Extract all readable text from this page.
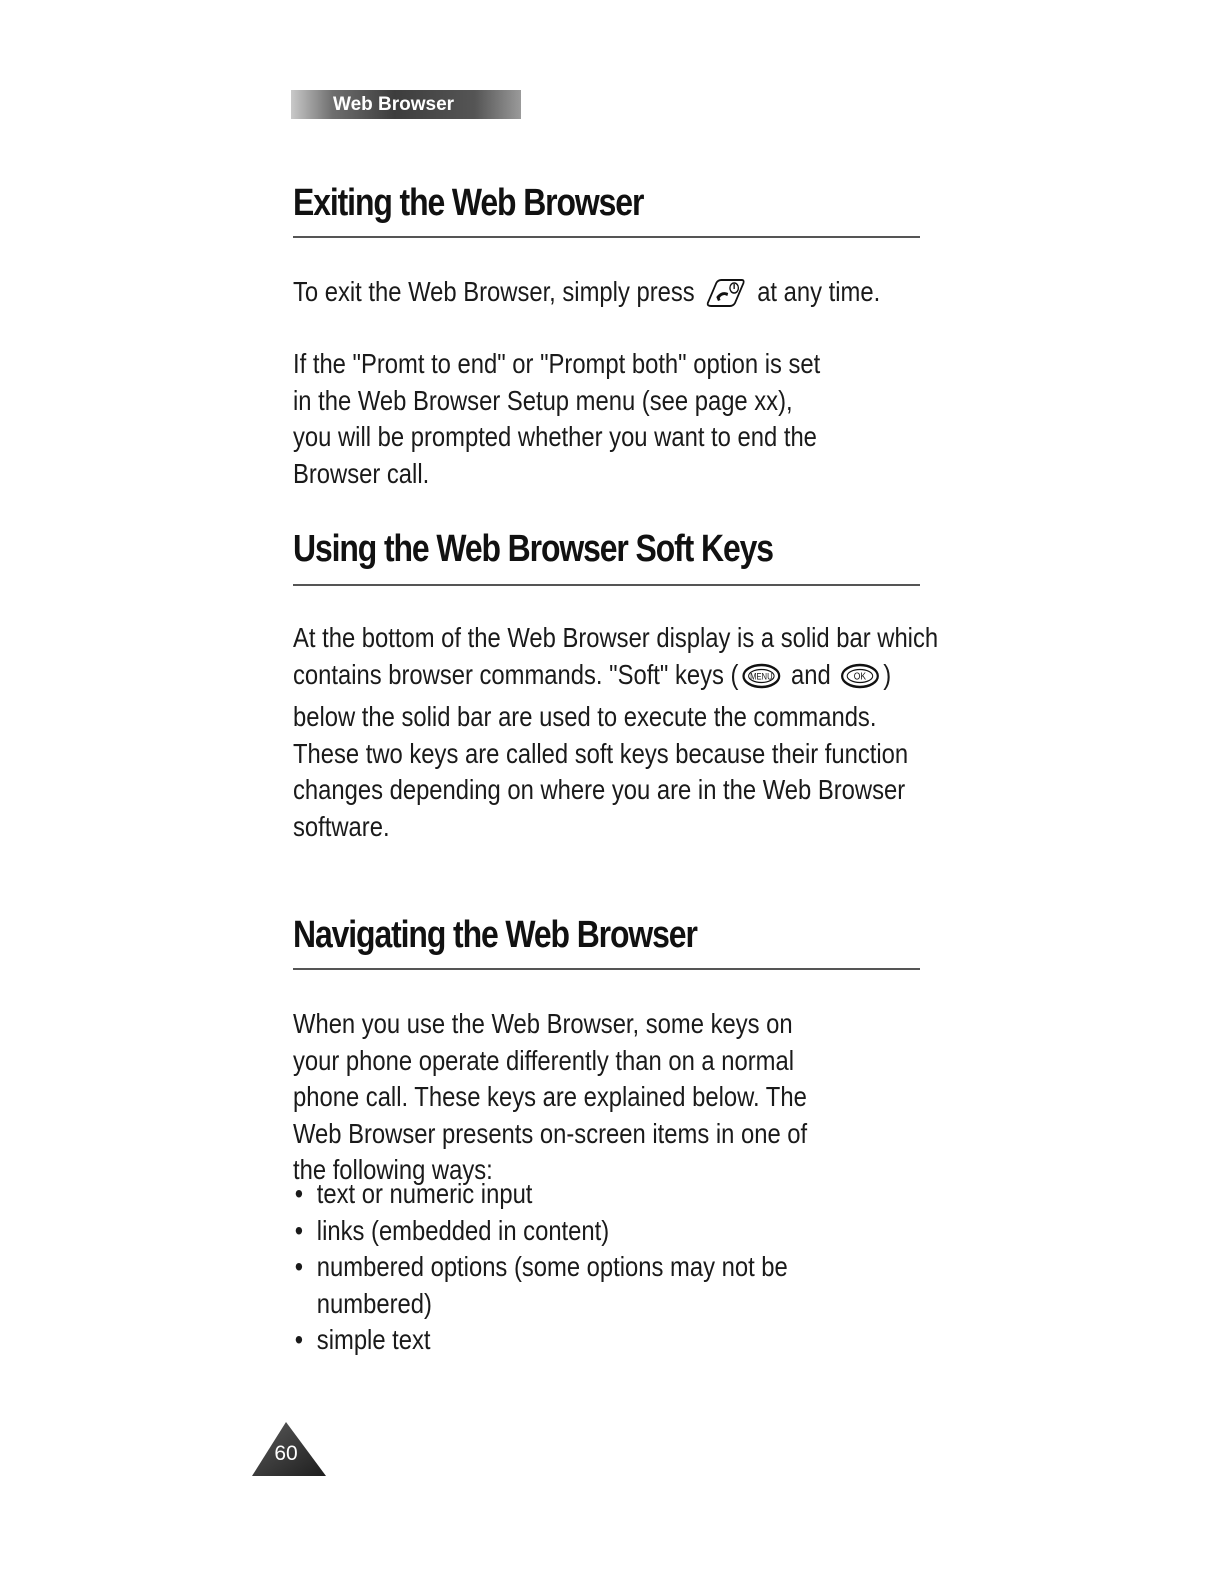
Web Browser
Exiting the Web Browser

To exit the Web Browser, simply press at any time.

If the "Promt to end" or "Prompt both" option is set in the Web Browser Setup menu (see page xx), you will be prompted whether you want to end the Browser call.

Using the Web Browser Soft Keys

At the bottom of the Web Browser display is a solid bar which contains browser commands. "Soft" keys ( MENU and OK ) below the solid bar are used to execute the commands. These two keys are called soft keys because their function changes depending on where you are in the Web Browser software.

Navigating the Web Browser

When you use the Web Browser, some keys on your phone operate differently than on a normal phone call. These keys are explained below. The Web Browser presents on-screen items in one of the following ways:

• text or numeric input
• links (embedded in content)
• numbered options (some options may not be numbered)
• simple text
60
